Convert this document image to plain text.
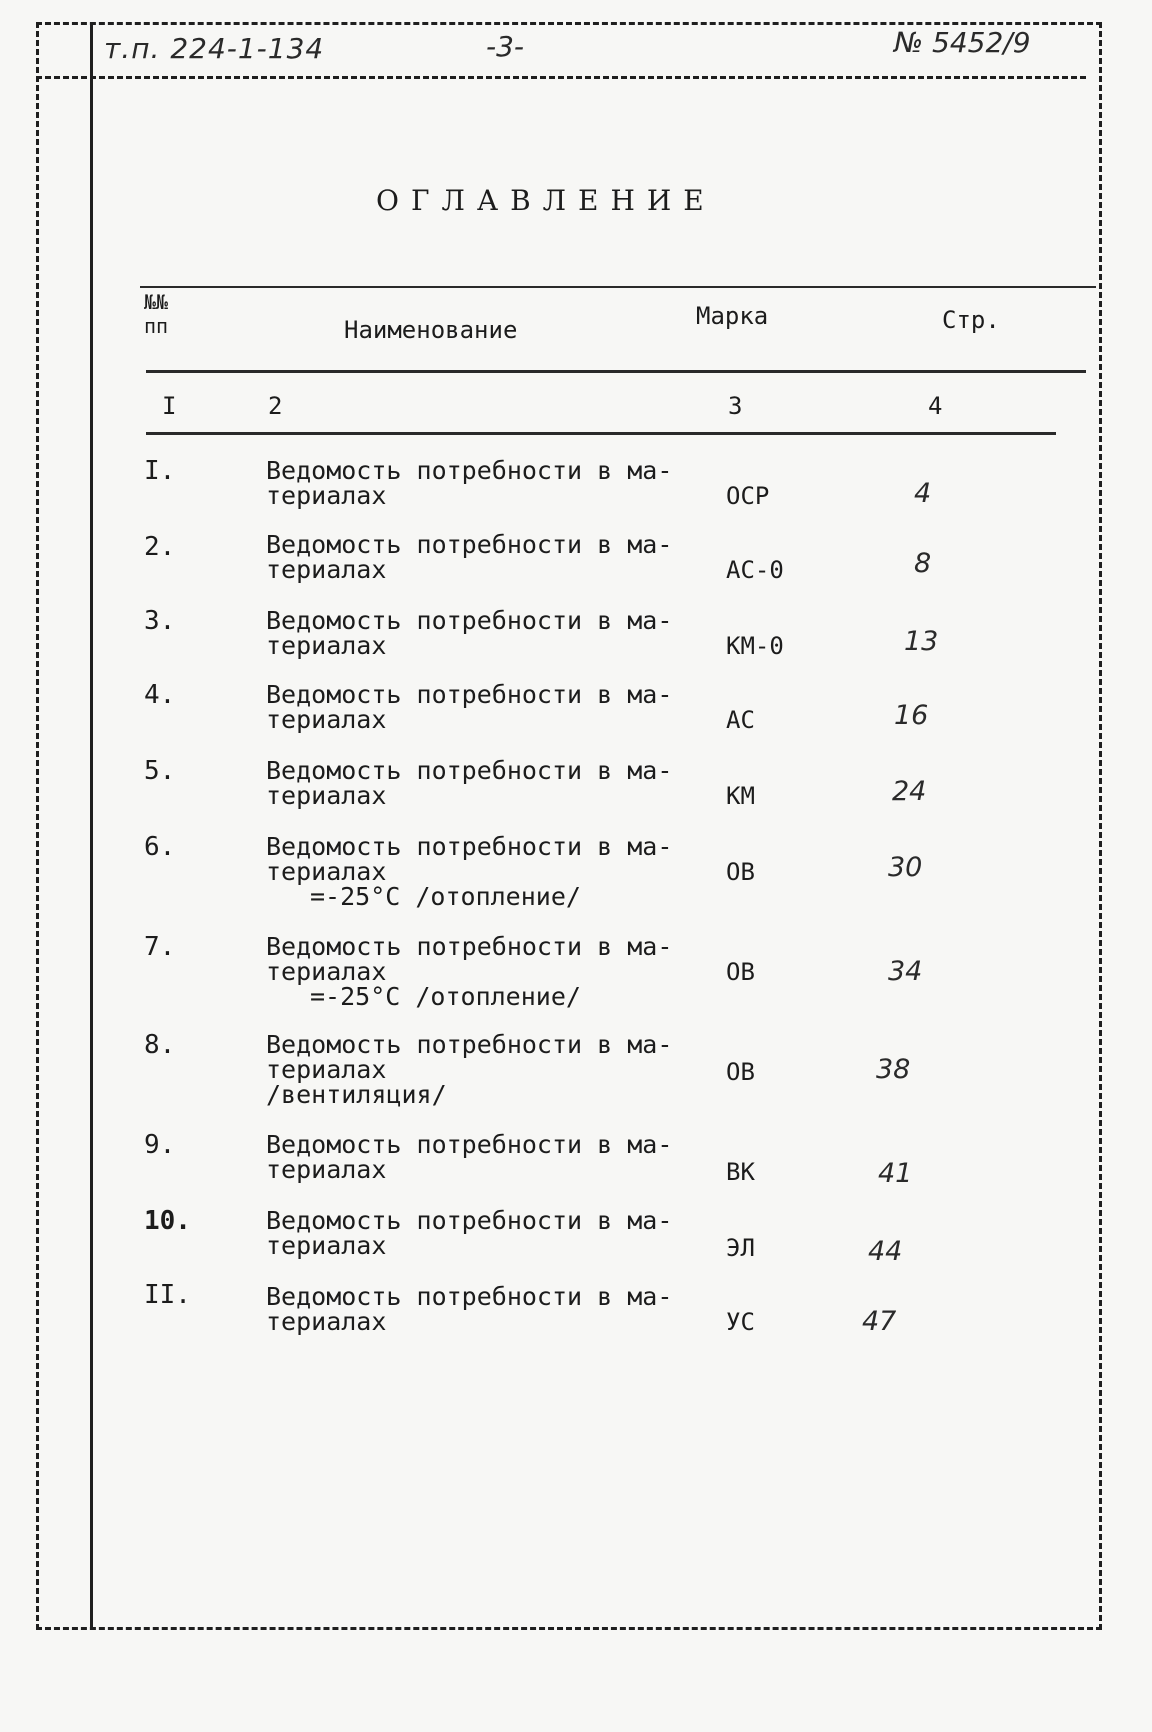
т.п. 224-1-134	-3-	№ 5452/9
ОГЛАВЛЕНИЕ
№№ пп	Наименование	Марка	Стр.
I	2	3	4
I.	Ведомость потребности в ма-
териалах	ОСР	4
2.	Ведомость потребности в ма-
териалах	АС-0	8
3.	Ведомость потребности в ма-
териалах	КМ-0	13
4.	Ведомость потребности в ма-
териалах	АС	16
5.	Ведомость потребности в ма-
териалах	КМ	24
6.	Ведомость потребности в ма-
териалах
=-25°С /отопление/
ОВ	30
7.	Ведомость потребности в ма-
териалах
=-25°С /отопление/
ОВ	34
8.	Ведомость потребности в ма-
териалах
/вентиляция/
ОВ	38
9.	Ведомость потребности в ма-
териалах	ВК	41
10.	Ведомость потребности в ма-
териалах	ЭЛ	44
II.	Ведомость потребности в ма-
териалах	УС	47
